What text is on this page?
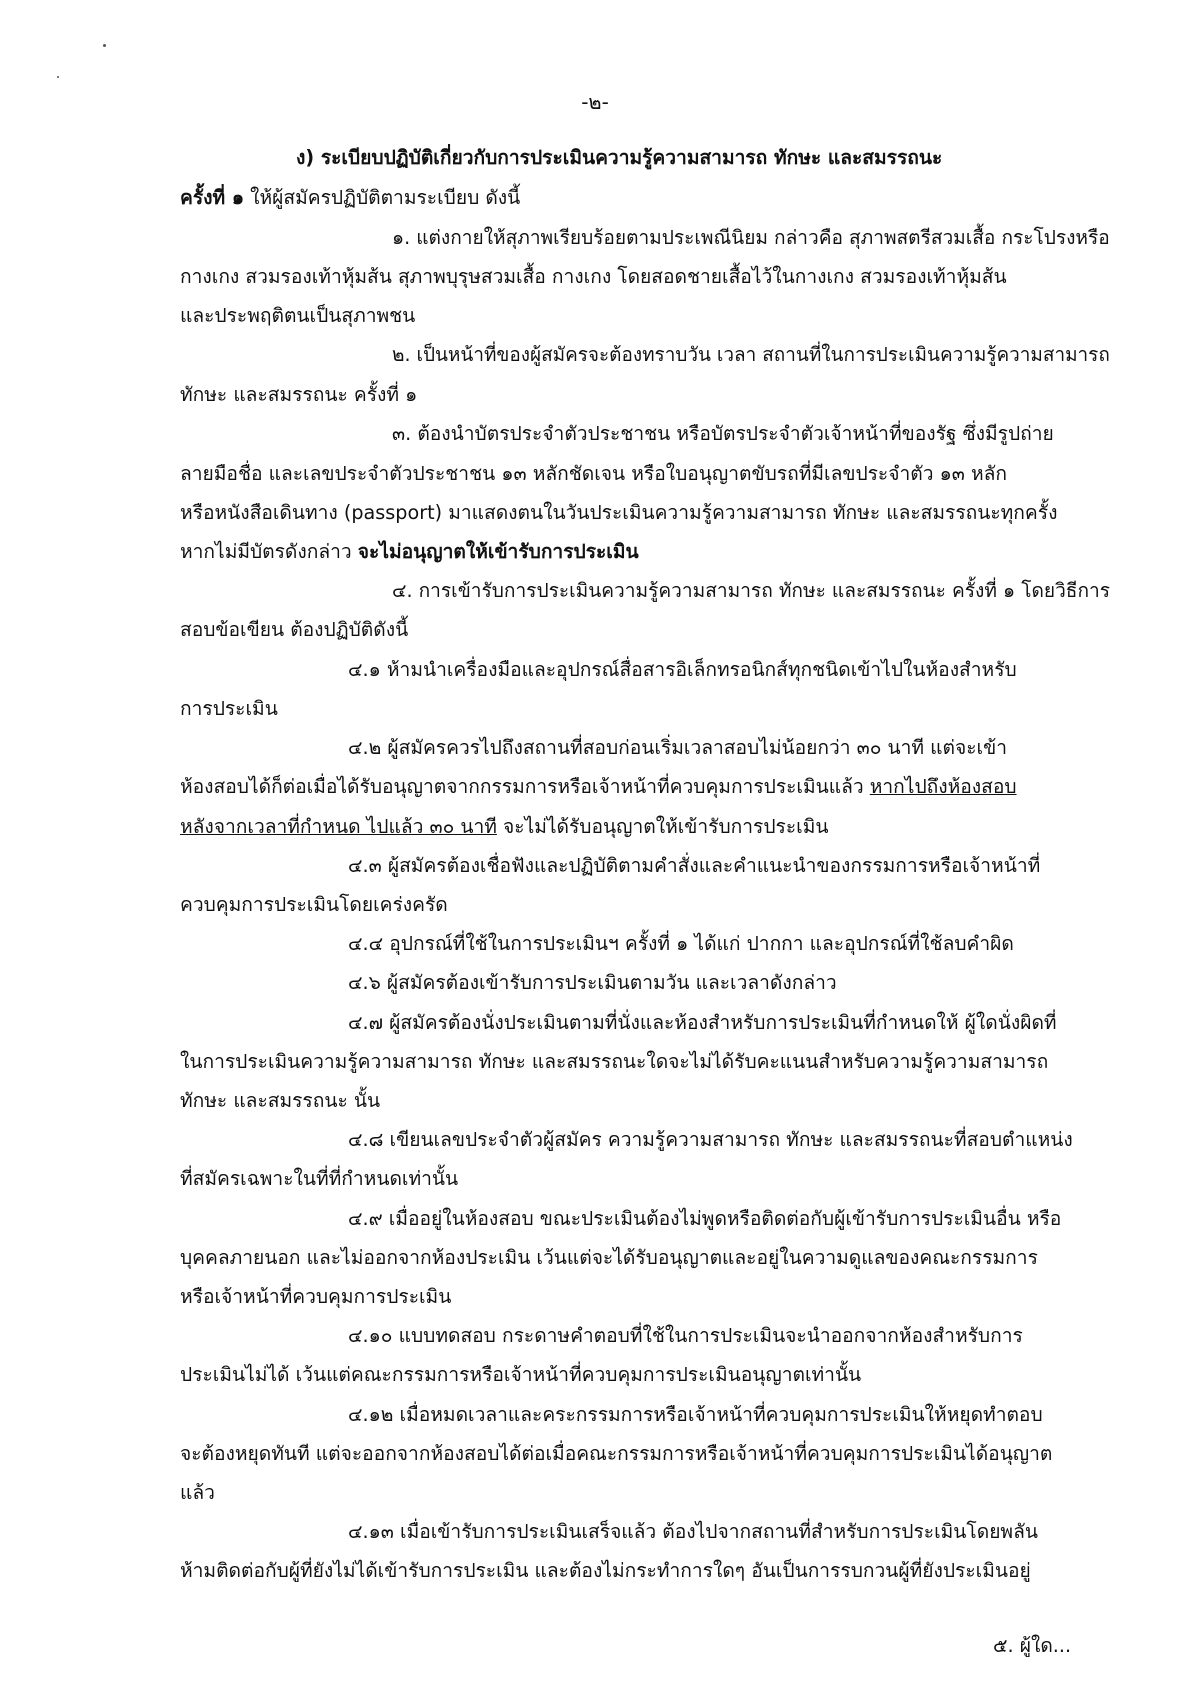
-๒-
ง) ระเบียบปฏิบัติเกี่ยวกับการประเมินความรู้ความสามารถ ทักษะ และสมรรถนะ
ครั้งที่ ๑ ให้ผู้สมัครปฏิบัติตามระเบียบ ดังนี้
๑. แต่งกายให้สุภาพเรียบร้อยตามประเพณีนิยม กล่าวคือ สุภาพสตรีสวมเสื้อ กระโปรงหรือ
กางเกง สวมรองเท้าหุ้มส้น สุภาพบุรุษสวมเสื้อ กางเกง โดยสอดชายเสื้อไว้ในกางเกง สวมรองเท้าหุ้มส้น
และประพฤติตนเป็นสุภาพชน
๒. เป็นหน้าที่ของผู้สมัครจะต้องทราบวัน เวลา สถานที่ในการประเมินความรู้ความสามารถ
ทักษะ และสมรรถนะ ครั้งที่ ๑
๓. ต้องนำบัตรประจำตัวประชาชน หรือบัตรประจำตัวเจ้าหน้าที่ของรัฐ ซึ่งมีรูปถ่าย
ลายมือชื่อ และเลขประจำตัวประชาชน ๑๓ หลักชัดเจน หรือใบอนุญาตขับรถที่มีเลขประจำตัว ๑๓ หลัก
หรือหนังสือเดินทาง (passport) มาแสดงตนในวันประเมินความรู้ความสามารถ ทักษะ และสมรรถนะทุกครั้ง
หากไม่มีบัตรดังกล่าว จะไม่อนุญาตให้เข้ารับการประเมิน
๔. การเข้ารับการประเมินความรู้ความสามารถ ทักษะ และสมรรถนะ ครั้งที่ ๑ โดยวิธีการ
สอบข้อเขียน ต้องปฏิบัติดังนี้
๔.๑ ห้ามนำเครื่องมือและอุปกรณ์สื่อสารอิเล็กทรอนิกส์ทุกชนิดเข้าไปในห้องสำหรับ
การประเมิน
๔.๒ ผู้สมัครควรไปถึงสถานที่สอบก่อนเริ่มเวลาสอบไม่น้อยกว่า ๓๐ นาที แต่จะเข้า
ห้องสอบได้ก็ต่อเมื่อได้รับอนุญาตจากกรรมการหรือเจ้าหน้าที่ควบคุมการประเมินแล้ว หากไปถึงห้องสอบ
หลังจากเวลาที่กำหนด ไปแล้ว ๓๐ นาที จะไม่ได้รับอนุญาตให้เข้ารับการประเมิน
๔.๓ ผู้สมัครต้องเชื่อฟังและปฏิบัติตามคำสั่งและคำแนะนำของกรรมการหรือเจ้าหน้าที่
ควบคุมการประเมินโดยเคร่งครัด
๔.๔ อุปกรณ์ที่ใช้ในการประเมินฯ ครั้งที่ ๑ ได้แก่ ปากกา และอุปกรณ์ที่ใช้ลบคำผิด
๔.๖ ผู้สมัครต้องเข้ารับการประเมินตามวัน และเวลาดังกล่าว
๔.๗ ผู้สมัครต้องนั่งประเมินตามที่นั่งและห้องสำหรับการประเมินที่กำหนดให้ ผู้ใดนั่งผิดที่
ในการประเมินความรู้ความสามารถ ทักษะ และสมรรถนะใดจะไม่ได้รับคะแนนสำหรับความรู้ความสามารถ
ทักษะ และสมรรถนะ นั้น
๔.๘ เขียนเลขประจำตัวผู้สมัคร ความรู้ความสามารถ ทักษะ และสมรรถนะที่สอบตำแหน่ง
ที่สมัครเฉพาะในที่ที่กำหนดเท่านั้น
๔.๙ เมื่ออยู่ในห้องสอบ ขณะประเมินต้องไม่พูดหรือติดต่อกับผู้เข้ารับการประเมินอื่น หรือ
บุคคลภายนอก และไม่ออกจากห้องประเมิน เว้นแต่จะได้รับอนุญาตและอยู่ในความดูแลของคณะกรรมการ
หรือเจ้าหน้าที่ควบคุมการประเมิน
๔.๑๐ แบบทดสอบ กระดาษคำตอบที่ใช้ในการประเมินจะนำออกจากห้องสำหรับการ
ประเมินไม่ได้ เว้นแต่คณะกรรมการหรือเจ้าหน้าที่ควบคุมการประเมินอนุญาตเท่านั้น
๔.๑๒ เมื่อหมดเวลาและคระกรรมการหรือเจ้าหน้าที่ควบคุมการประเมินให้หยุดทำตอบ
จะต้องหยุดทันที แต่จะออกจากห้องสอบได้ต่อเมื่อคณะกรรมการหรือเจ้าหน้าที่ควบคุมการประเมินได้อนุญาต
แล้ว
๔.๑๓ เมื่อเข้ารับการประเมินเสร็จแล้ว ต้องไปจากสถานที่สำหรับการประเมินโดยพลัน
ห้ามติดต่อกับผู้ที่ยังไม่ได้เข้ารับการประเมิน และต้องไม่กระทำการใดๆ อันเป็นการรบกวนผู้ที่ยังประเมินอยู่
๕. ผู้ใด...
